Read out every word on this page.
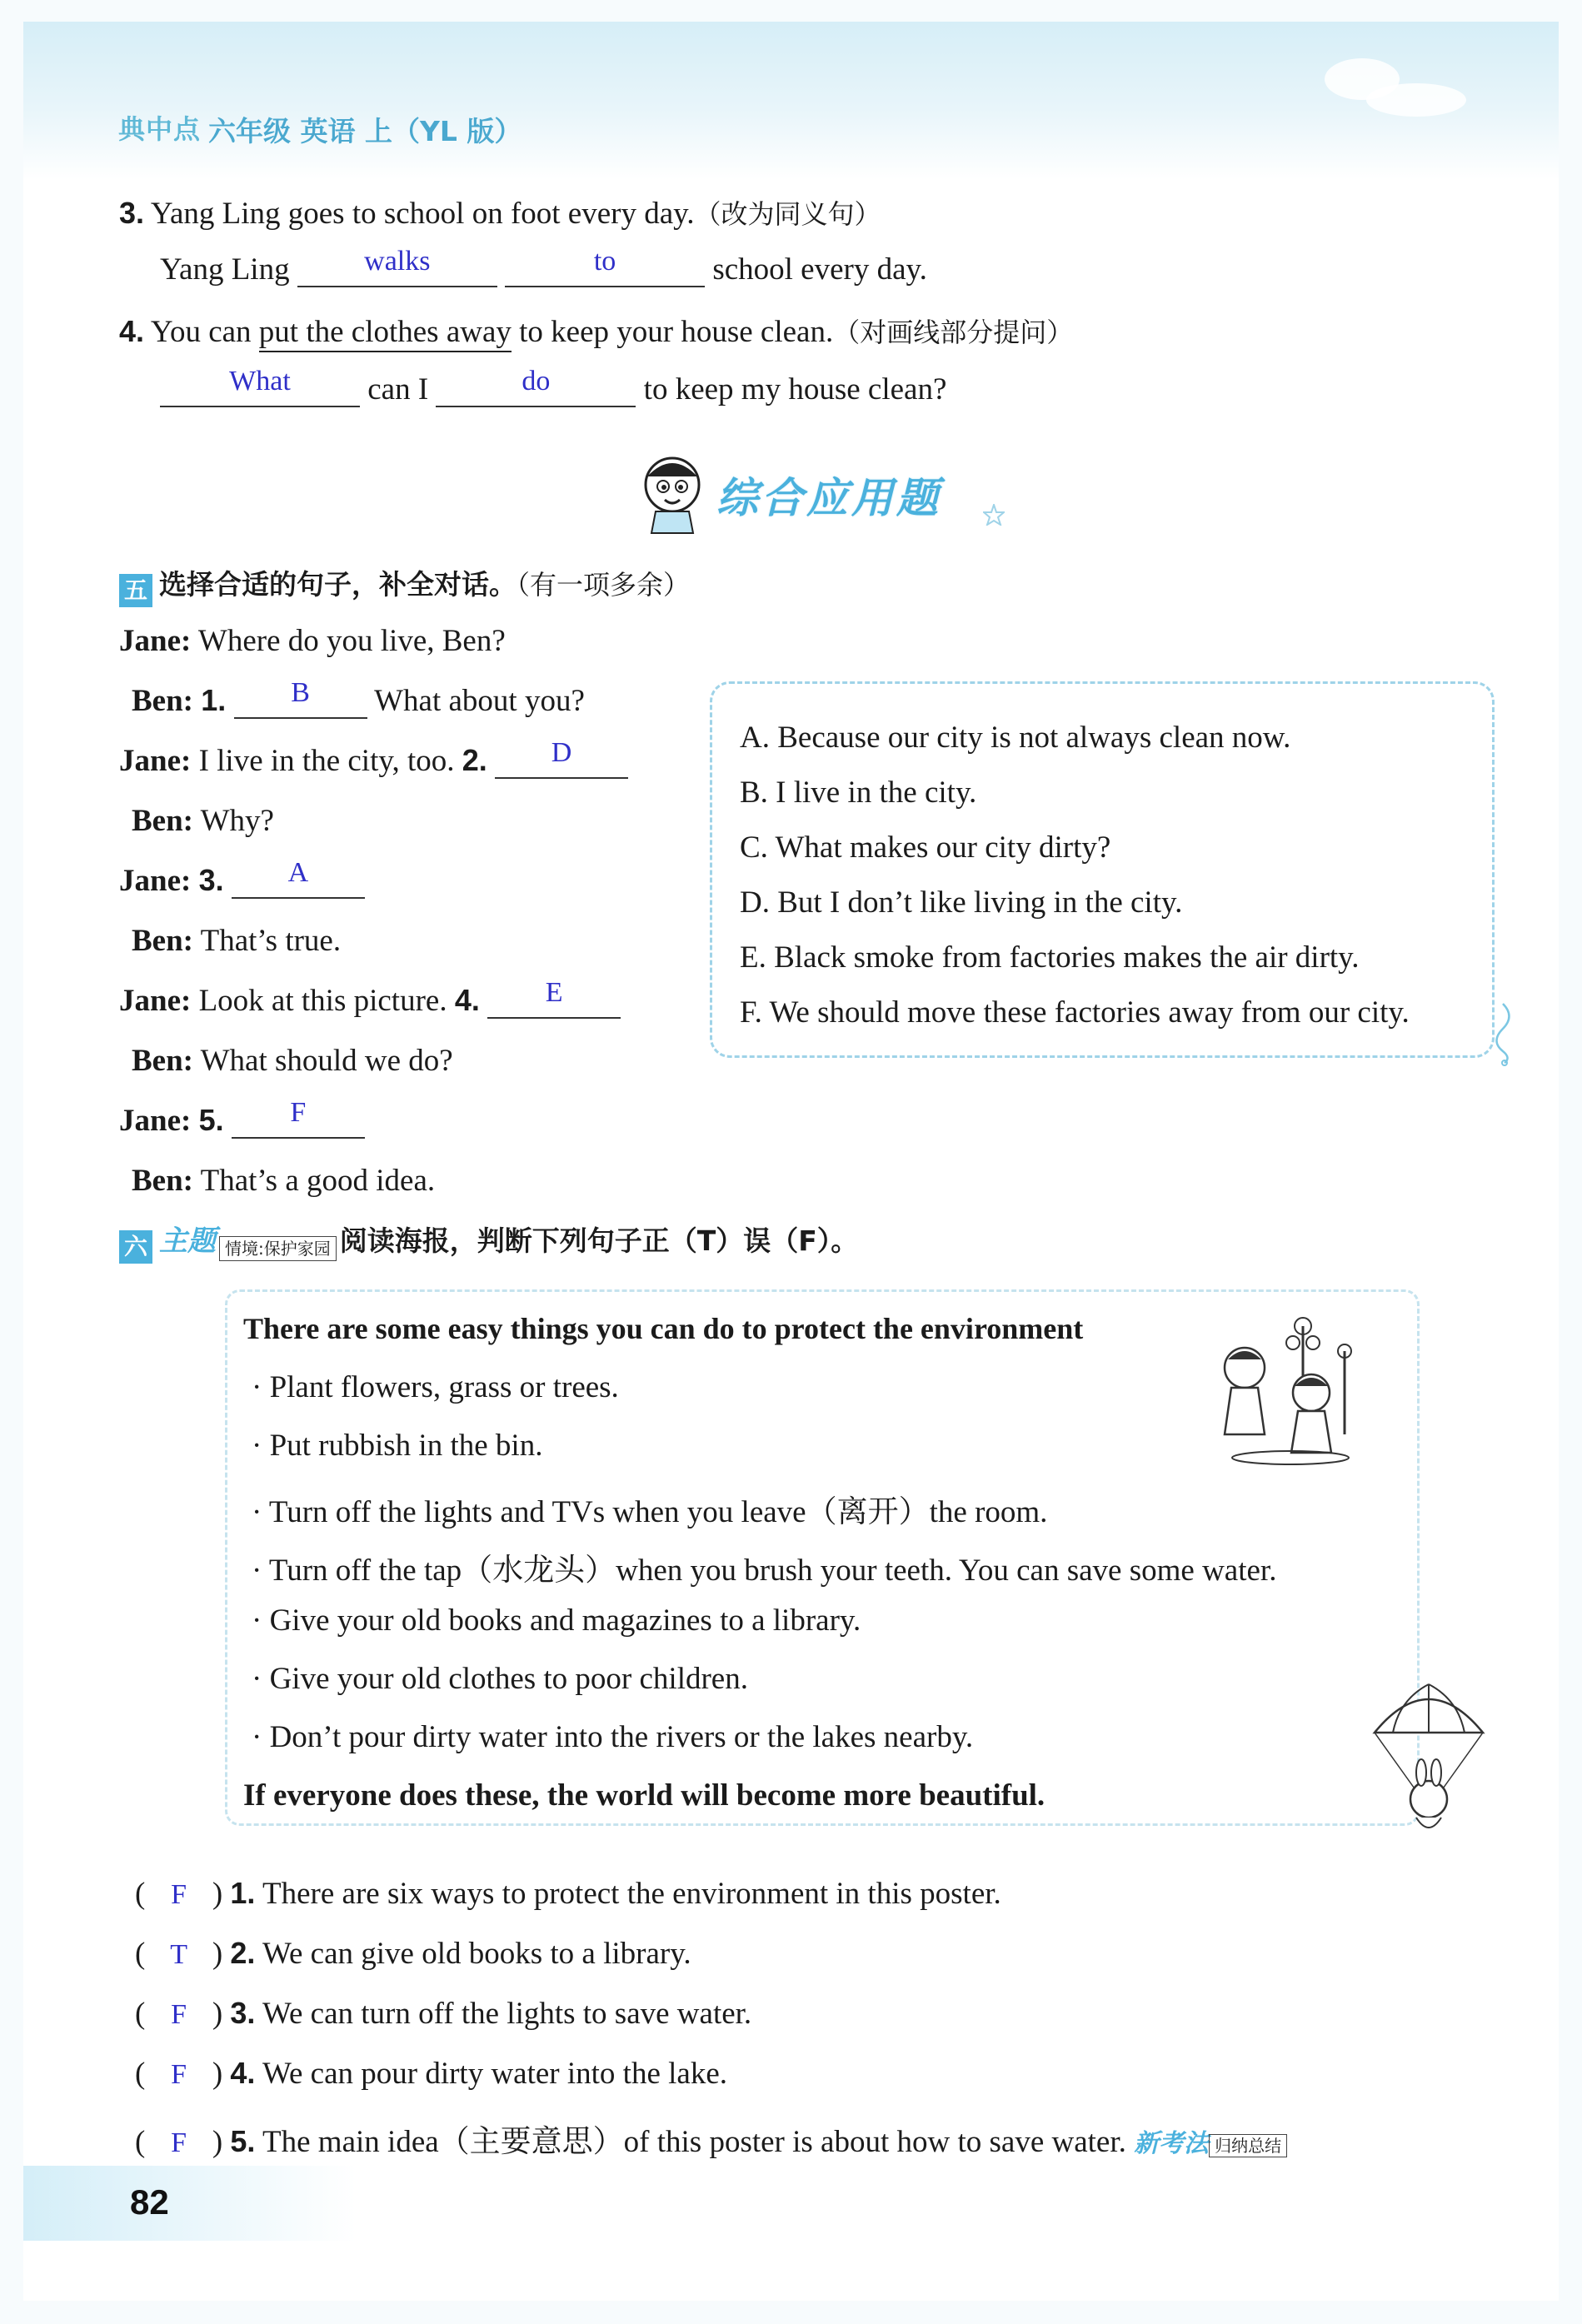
典中点 六年级 英语 上（YL 版）
3. Yang Ling goes to school on foot every day.（改为同义句）
Yang Ling	walks
	to	school every day.
4. You can put the clothes away to keep your house clean.（对画线部分提问）
What	can I	do	to keep my house clean?
综合应用题
五 选择合适的句子，补全对话。（有一项多余）
Jane: Where do you live, Ben?
Ben: 1.	B	What about you?
Jane: I live in the city, too. 2.	D
Ben: Why?
Jane: 3.	A
Ben: That’s true.
Jane: Look at this picture. 4.	E
Ben: What should we do?
Jane: 5.	F
Ben: That’s a good idea.
A. Because our city is not always clean now.
B. I live in the city.
C. What makes our city dirty?
D. But I don’t like living in the city.
E. Black smoke from factories makes the air dirty.
F. We should move these factories away from our city.
六 主题 情境:保护家园 阅读海报，判断下列句子正（T）误（F）。
There are some easy things you can do to protect the environment
· Plant flowers, grass or trees.
· Put rubbish in the bin.
· Turn off the lights and TVs when you leave（离开）the room.
· Turn off the tap（水龙头）when you brush your teeth. You can save some water.
· Give your old books and magazines to a library.
· Give your old clothes to poor children.
· Don’t pour dirty water into the rivers or the lakes nearby.
If everyone does these, the world will become more beautiful.
( F ) 1. There are six ways to protect the environment in this poster.
( T ) 2. We can give old books to a library.
( F ) 3. We can turn off the lights to save water.
( F ) 4. We can pour dirty water into the lake.
( F ) 5. The main idea（主要意思）of this poster is about how to save water. 新考法 归纳总结
82
